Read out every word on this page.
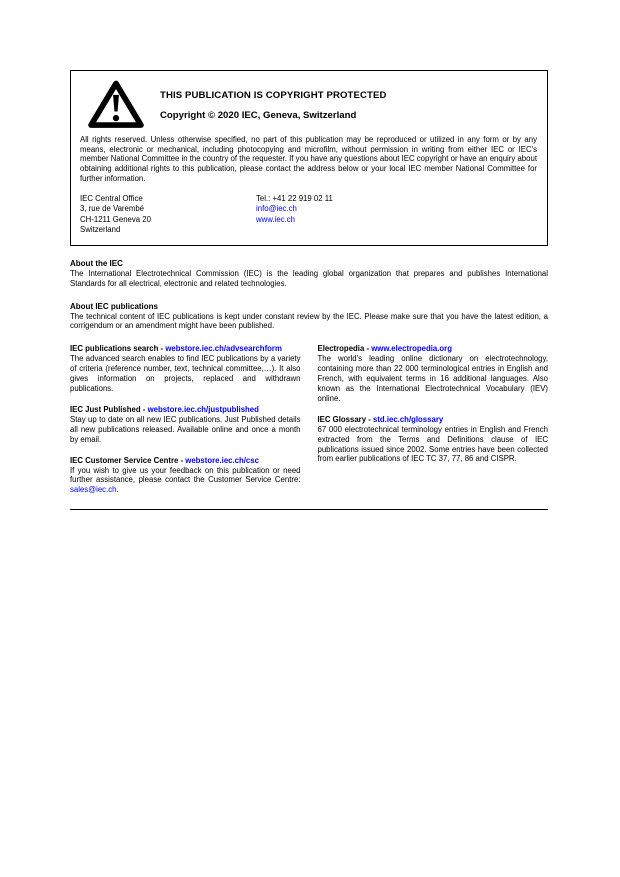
THIS PUBLICATION IS COPYRIGHT PROTECTED
Copyright © 2020 IEC, Geneva, Switzerland

All rights reserved. Unless otherwise specified, no part of this publication may be reproduced or utilized in any form or by any means, electronic or mechanical, including photocopying and microfilm, without permission in writing from either IEC or IEC's member National Committee in the country of the requester. If you have any questions about IEC copyright or have an enquiry about obtaining additional rights to this publication, please contact the address below or your local IEC member National Committee for further information.

IEC Central Office
3, rue de Varembé
CH-1211 Geneva 20
Switzerland
Tel.: +41 22 919 02 11
info@iec.ch
www.iec.ch
About the IEC

The International Electrotechnical Commission (IEC) is the leading global organization that prepares and publishes International Standards for all electrical, electronic and related technologies.

About IEC publications

The technical content of IEC publications is kept under constant review by the IEC. Please make sure that you have the latest edition, a corrigendum or an amendment might have been published.

IEC publications search - webstore.iec.ch/advsearchform

The advanced search enables to find IEC publications by a variety of criteria (reference number, text, technical committee,…). It also gives information on projects, replaced and withdrawn publications.

IEC Just Published - webstore.iec.ch/justpublished

Stay up to date on all new IEC publications. Just Published details all new publications released. Available online and once a month by email.

IEC Customer Service Centre - webstore.iec.ch/csc

If you wish to give us your feedback on this publication or need further assistance, please contact the Customer Service Centre: sales@iec.ch.

Electropedia - www.electropedia.org

The world's leading online dictionary on electrotechnology, containing more than 22 000 terminological entries in English and French, with equivalent terms in 16 additional languages. Also known as the International Electrotechnical Vocabulary (IEV) online.

IEC Glossary - std.iec.ch/glossary

67 000 electrotechnical terminology entries in English and French extracted from the Terms and Definitions clause of IEC publications issued since 2002. Some entries have been collected from earlier publications of IEC TC 37, 77, 86 and CISPR.
